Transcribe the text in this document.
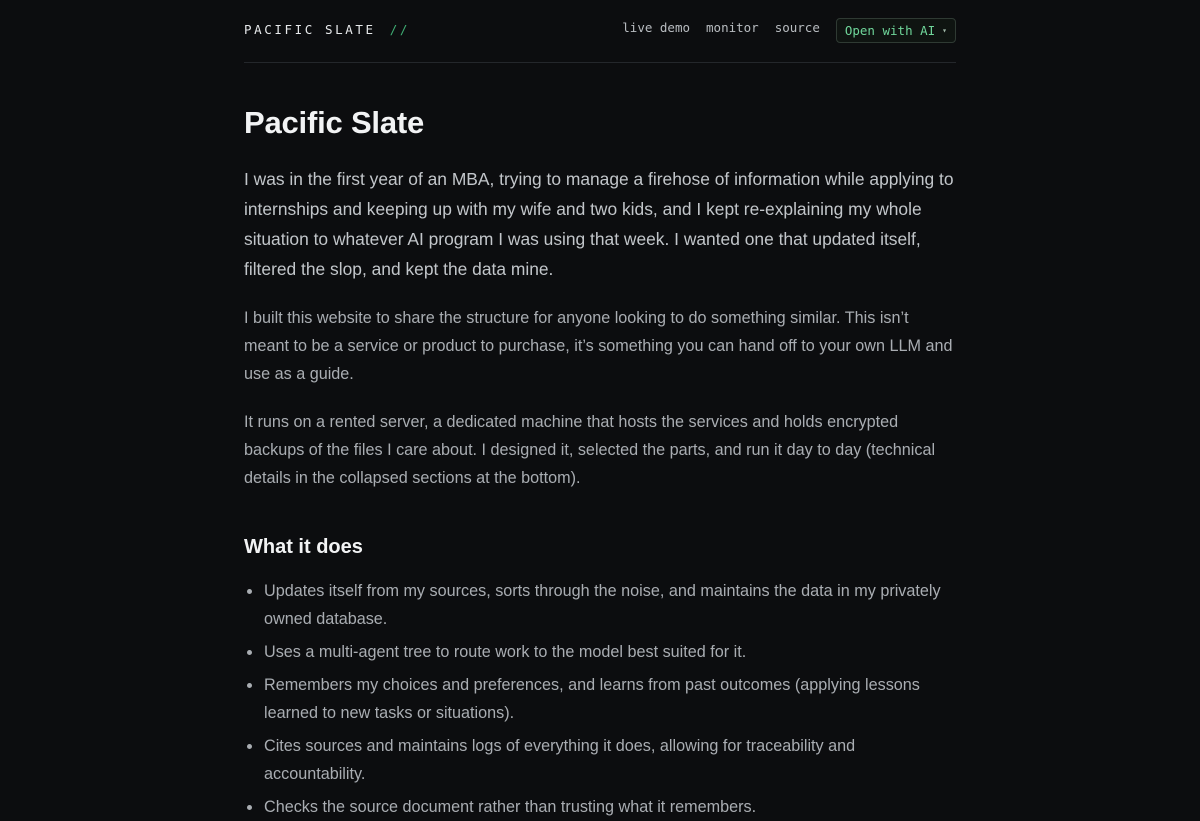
PACIFIC SLATE //	live demo monitor source Open with AI ▾
Pacific Slate

I was in the first year of an MBA, trying to manage a firehose of information while applying to internships and keeping up with my wife and two kids, and I kept re-explaining my whole situation to whatever AI program I was using that week. I wanted one that updated itself, filtered the slop, and kept the data mine.

I built this website to share the structure for anyone looking to do something similar. This isn’t meant to be a service or product to purchase, it’s something you can hand off to your own LLM and use as a guide.

It runs on a rented server, a dedicated machine that hosts the services and holds encrypted backups of the files I care about. I designed it, selected the parts, and run it day to day (technical details in the collapsed sections at the bottom).

What it does
Updates itself from my sources, sorts through the noise, and maintains the data in my privately owned database.
Uses a multi-agent tree to route work to the model best suited for it.
Remembers my choices and preferences, and learns from past outcomes (applying lessons learned to new tasks or situations).
Cites sources and maintains logs of everything it does, allowing for traceability and accountability.
Checks the source document rather than trusting what it remembers.
